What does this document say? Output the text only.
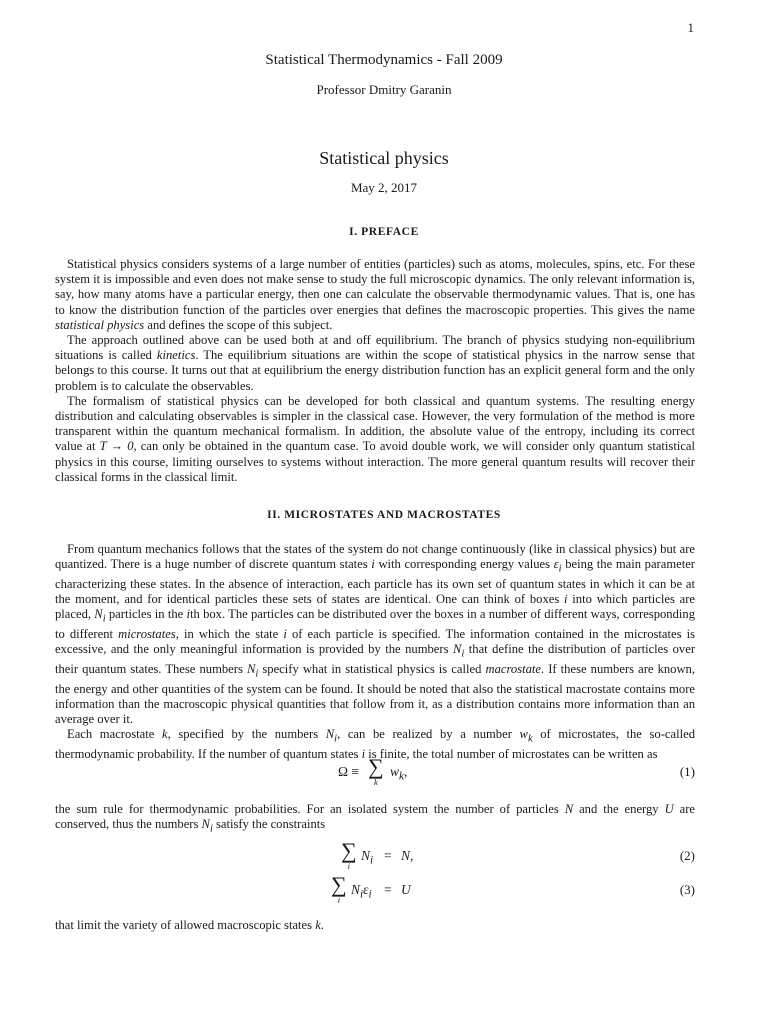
1
Statistical Thermodynamics - Fall 2009
Professor Dmitry Garanin
Statistical physics
May 2, 2017
I. PREFACE

Statistical physics considers systems of a large number of entities (particles) such as atoms, molecules, spins, etc. For these system it is impossible and even does not make sense to study the full microscopic dynamics. The only relevant information is, say, how many atoms have a particular energy, then one can calculate the observable thermodynamic values. That is, one has to know the distribution function of the particles over energies that defines the macroscopic properties. This gives the name statistical physics and defines the scope of this subject.

The approach outlined above can be used both at and off equilibrium. The branch of physics studying non-equilibrium situations is called kinetics. The equilibrium situations are within the scope of statistical physics in the narrow sense that belongs to this course. It turns out that at equilibrium the energy distribution function has an explicit general form and the only problem is to calculate the observables.

The formalism of statistical physics can be developed for both classical and quantum systems. The resulting energy distribution and calculating observables is simpler in the classical case. However, the very formulation of the method is more transparent within the quantum mechanical formalism. In addition, the absolute value of the entropy, including its correct value at T → 0, can only be obtained in the quantum case. To avoid double work, we will consider only quantum statistical physics in this course, limiting ourselves to systems without interaction. The more general quantum results will recover their classical forms in the classical limit.

II. MICROSTATES AND MACROSTATES

From quantum mechanics follows that the states of the system do not change continuously (like in classical physics) but are quantized. There is a huge number of discrete quantum states i with corresponding energy values $\varepsilon_i$ being the main parameter characterizing these states. In the absence of interaction, each particle has its own set of quantum states in which it can be at the moment, and for identical particles these sets of states are identical. One can think of boxes i into which particles are placed, $N_i$ particles in the ith box. The particles can be distributed over the boxes in a number of different ways, corresponding to different microstates, in which the state i of each particle is specified. The information contained in the microstates is excessive, and the only meaningful information is provided by the numbers $N_i$ that define the distribution of particles over their quantum states. These numbers $N_i$ specify what in statistical physics is called macrostate. If these numbers are known, the energy and other quantities of the system can be found. It should be noted that also the statistical macrostate contains more information than the macroscopic physical quantities that follow from it, as a distribution contains more information than an average over it.

Each macrostate k, specified by the numbers $N_i$, can be realized by a number $w_k$ of microstates, the so-called thermodynamic probability. If the number of quantum states i is finite, the total number of microstates can be written as

Ω ≡ ∑
k
$w_k$,	(1)

the sum rule for thermodynamic probabilities. For an isolated system the number of particles N and the energy U are conserved, thus the numbers $N_i$ satisfy the constraints

∑
i
$N_i = N$,	(2)
∑
i
$N_i\varepsilon_i = U$	(3)

that limit the variety of allowed macroscopic states k.
